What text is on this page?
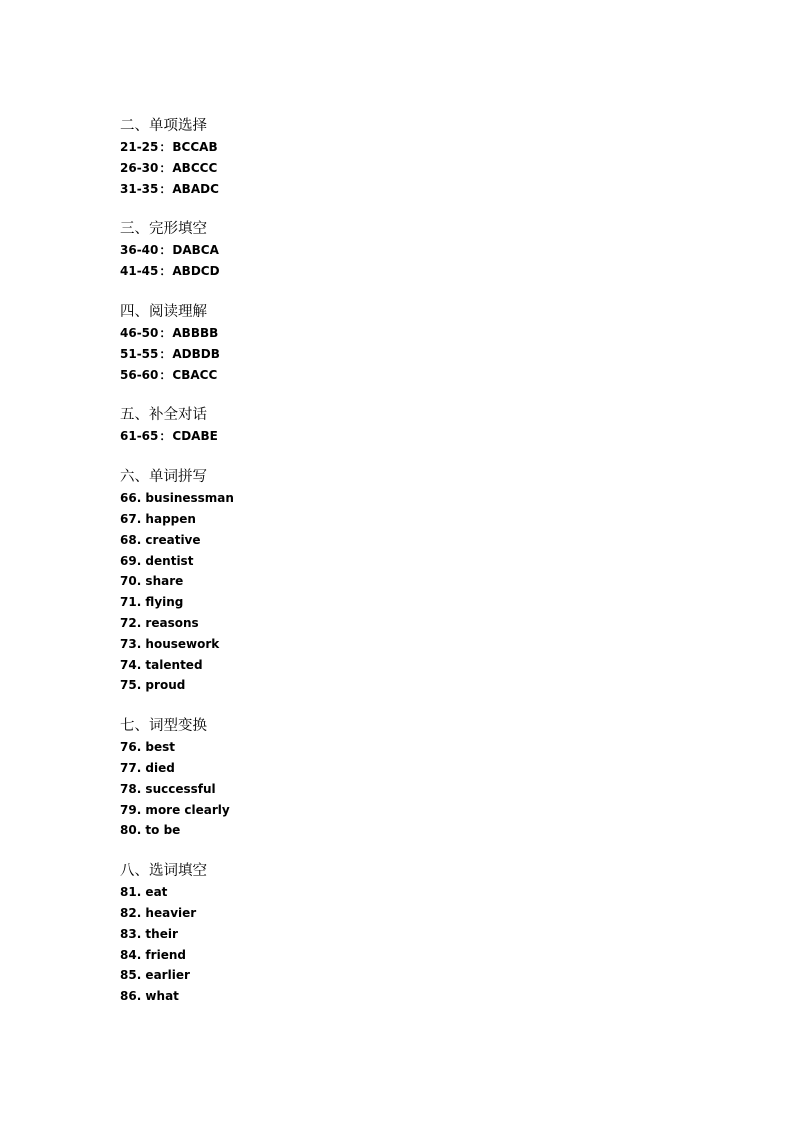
二、单项选择
21-25：BCCAB
26-30：ABCCC
31-35：ABADC
三、完形填空
36-40：DABCA
41-45：ABDCD
四、阅读理解
46-50：ABBBB
51-55：ADBDB
56-60：CBACC
五、补全对话
61-65：CDABE
六、单词拼写
66. businessman
67. happen
68. creative
69. dentist
70. share
71. flying
72. reasons
73. housework
74. talented
75. proud
七、词型变换
76. best
77. died
78. successful
79. more clearly
80. to be
八、选词填空
81. eat
82. heavier
83. their
84. friend
85. earlier
86. what
